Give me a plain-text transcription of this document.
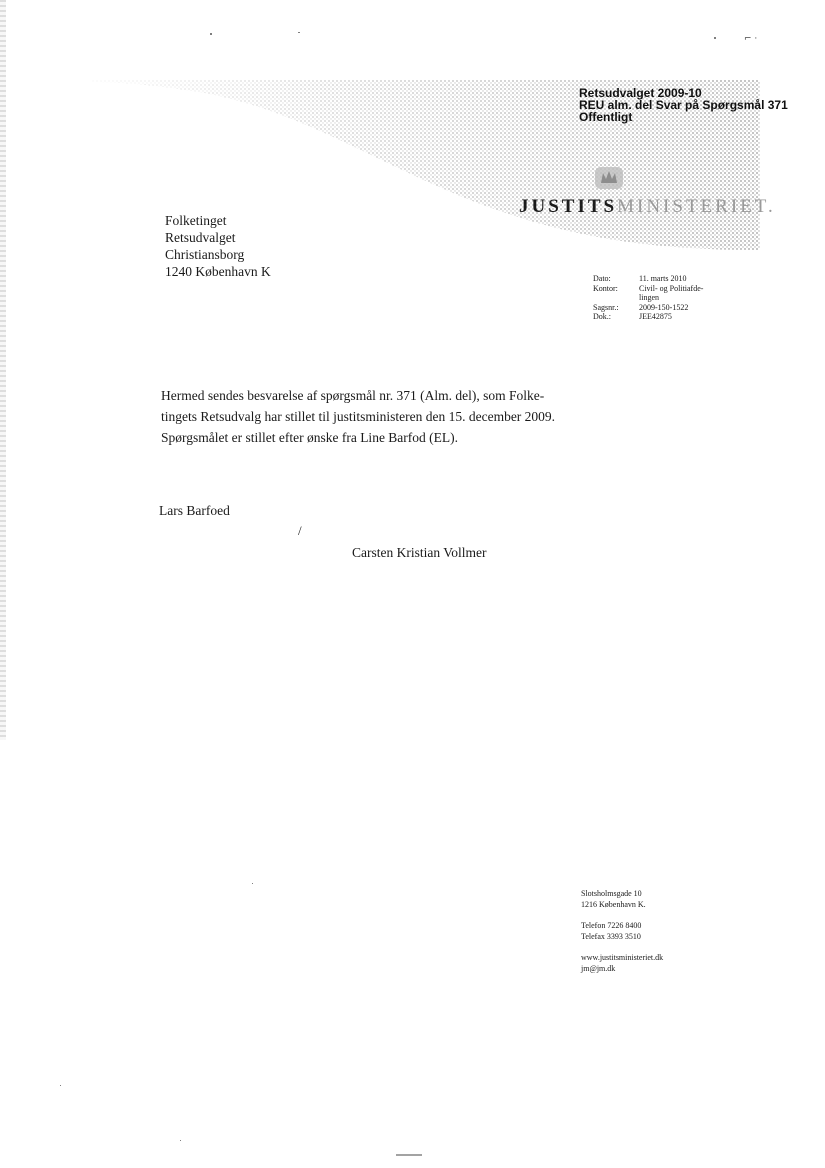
Retsudvalget 2009-10
REU alm. del Svar på Spørgsmål 371
Offentligt
JUSTITSMINISTERIET.
Folketinget
Retsudvalget
Christiansborg
1240 København K	Dato:	11. marts 2010
Kontor:	Civil- og Politiafde-lingen
Sagsnr.:	2009-150-1522
Dok.:	JEE42875
Hermed sendes besvarelse af spørgsmål nr. 371 (Alm. del), som Folke-
tingets Retsudvalg har stillet til justitsministeren den 15. december 2009.
Spørgsmålet er stillet efter ønske fra Line Barfod (EL).
Lars Barfoed
/
Carsten Kristian Vollmer
Slotsholmsgade 10
1216 København K.
Telefon 7226 8400
Telefax 3393 3510
www.justitsministeriet.dk
jm@jm.dk
⌐ ·
